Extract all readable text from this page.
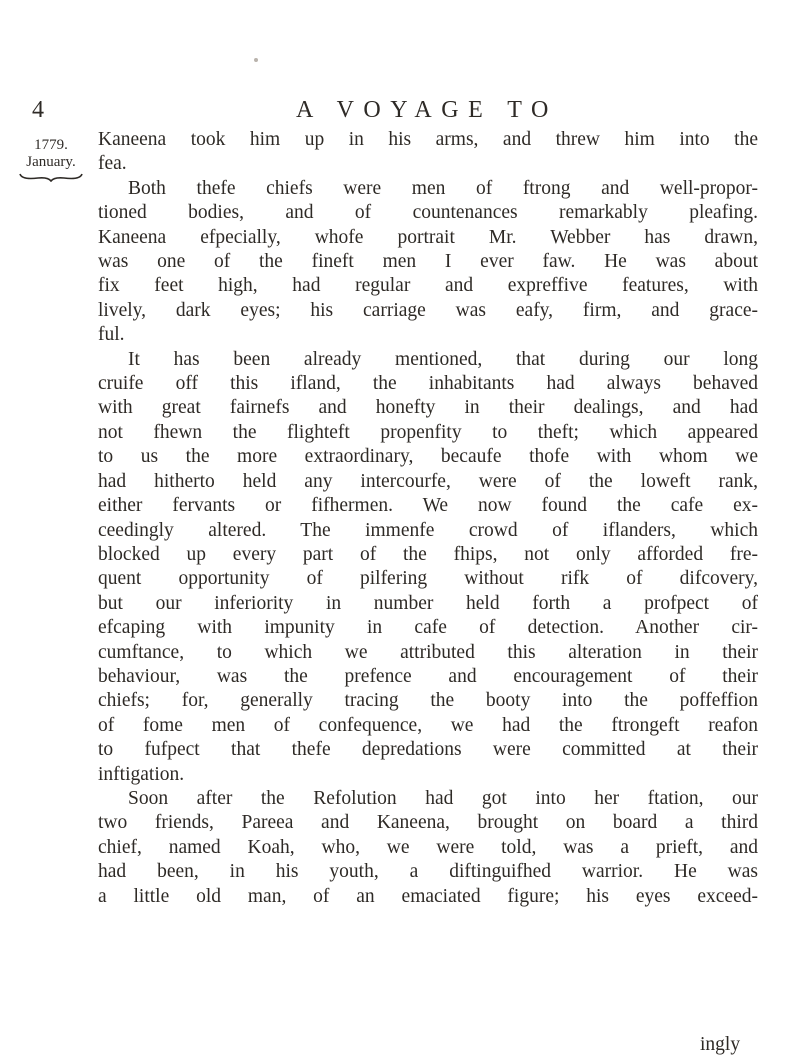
4	A VOYAGE TO
1779.
January.
Kaneena took him up in his arms, and threw him into the
fea.
Both thefe chiefs were men of ftrong and well-propor-
tioned bodies, and of countenances remarkably pleafing.
Kaneena efpecially, whofe portrait Mr. Webber has drawn,
was one of the fineft men I ever faw. He was about
fix feet high, had regular and expreffive features, with
lively, dark eyes; his carriage was eafy, firm, and grace-
ful.
It has been already mentioned, that during our long
cruife off this ifland, the inhabitants had always behaved
with great fairnefs and honefty in their dealings, and had
not fhewn the flighteft propenfity to theft; which appeared
to us the more extraordinary, becaufe thofe with whom we
had hitherto held any intercourfe, were of the loweft rank,
either fervants or fifhermen. We now found the cafe ex-
ceedingly altered. The immenfe crowd of iflanders, which
blocked up every part of the fhips, not only afforded fre-
quent opportunity of pilfering without rifk of difcovery,
but our inferiority in number held forth a profpect of
efcaping with impunity in cafe of detection. Another cir-
cumftance, to which we attributed this alteration in their
behaviour, was the prefence and encouragement of their
chiefs; for, generally tracing the booty into the poffeffion
of fome men of confequence, we had the ftrongeft reafon
to fufpect that thefe depredations were committed at their
inftigation.
Soon after the Refolution had got into her ftation, our
two friends, Pareea and Kaneena, brought on board a third
chief, named Koah, who, we were told, was a prieft, and
had been, in his youth, a diftinguifhed warrior. He was
a little old man, of an emaciated figure; his eyes exceed-
ingly
